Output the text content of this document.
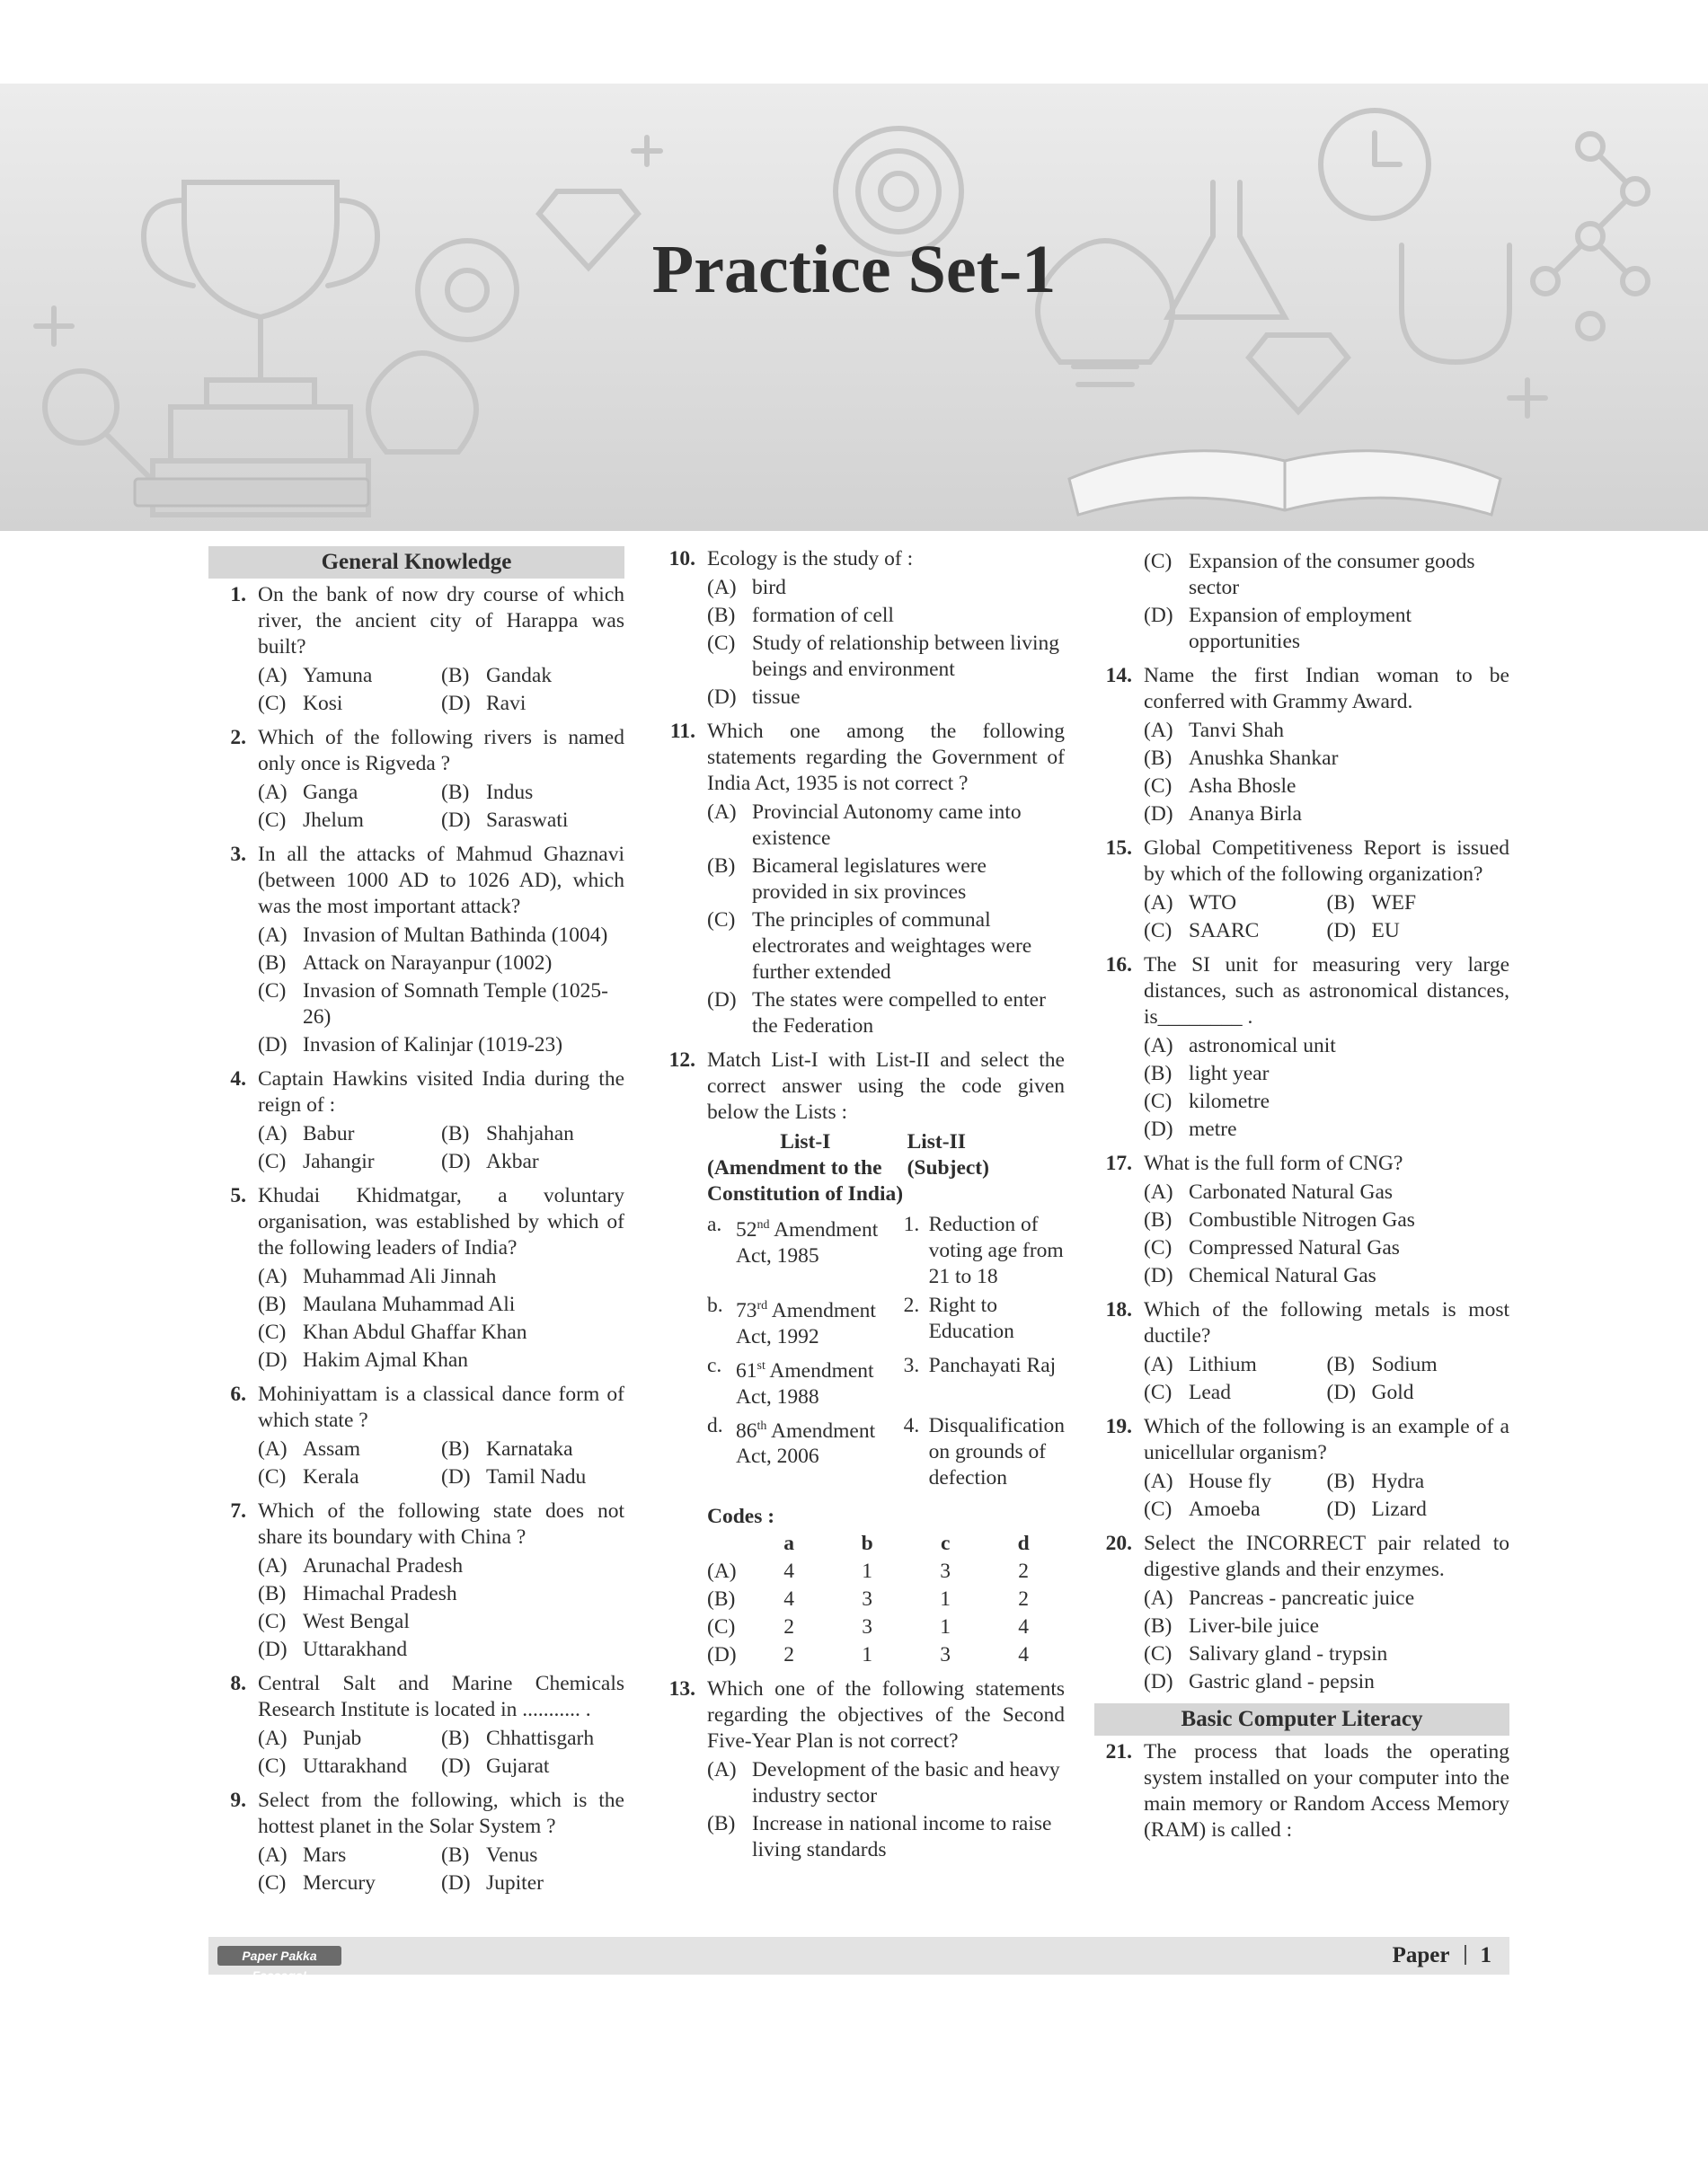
Practice Set-1
General Knowledge
1. On the bank of now dry course of which river, the ancient city of Harappa was built?
(A) Yamuna	(B) Gandak
(C) Kosi	(D) Ravi
2. Which of the following rivers is named only once is Rigveda ?
(A) Ganga	(B) Indus
(C) Jhelum	(D) Saraswati
3. In all the attacks of Mahmud Ghaznavi (between 1000 AD to 1026 AD), which was the most important attack?
(A) Invasion of Multan Bathinda (1004)
(B) Attack on Narayanpur (1002)
(C) Invasion of Somnath Temple (1025-26)
(D) Invasion of Kalinjar (1019-23)
4. Captain Hawkins visited India during the reign of :
(A) Babur	(B) Shahjahan
(C) Jahangir	(D) Akbar
5. Khudai Khidmatgar, a voluntary organisation, was established by which of the following leaders of India?
(A) Muhammad Ali Jinnah
(B) Maulana Muhammad Ali
(C) Khan Abdul Ghaffar Khan
(D) Hakim Ajmal Khan
6. Mohiniyattam is a classical dance form of which state ?
(A) Assam	(B) Karnataka
(C) Kerala	(D) Tamil Nadu
7. Which of the following state does not share its boundary with China ?
(A) Arunachal Pradesh
(B) Himachal Pradesh
(C) West Bengal
(D) Uttarakhand
8. Central Salt and Marine Chemicals Research Institute is located in ........... .
(A) Punjab	(B) Chhattisgarh
(C) Uttarakhand	(D) Gujarat
9. Select from the following, which is the hottest planet in the Solar System ?
(A) Mars	(B) Venus
(C) Mercury	(D) Jupiter
10. Ecology is the study of :
(A) bird
(B) formation of cell
(C) Study of relationship between living beings and environment
(D) tissue
11. Which one among the following statements regarding the Government of India Act, 1935 is not correct ?
(A) Provincial Autonomy came into existence
(B) Bicameral legislatures were provided in six provinces
(C) The principles of communal electrorates and weightages were further extended
(D) The states were compelled to enter the Federation
12. Match List-I with List-II and select the correct answer using the code given below the Lists :
List-I	List-II
(Amendment to the Constitution of India)	(Subject)

a. 52nd Amendment Act, 1985	1. Reduction of voting age from 21 to 18

b. 73rd Amendment Act, 1992	2. Right to Education

c. 61st Amendment Act, 1988	3. Panchayati Raj

d. 86th Amendment Act, 2006	4. Disqualification on grounds of defection
Codes :
	a	b	c	d
(A)	4	1	3	2
(B)	4	3	1	2
(C)	2	3	1	4
(D)	2	1	3	4
13. Which one of the following statements regarding the objectives of the Second Five-Year Plan is not correct?
(A) Development of the basic and heavy industry sector
(B) Increase in national income to raise living standards
(C) Expansion of the consumer goods sector
(D) Expansion of employment opportunities
14. Name the first Indian woman to be conferred with Grammy Award.
(A) Tanvi Shah
(B) Anushka Shankar
(C) Asha Bhosle
(D) Ananya Birla
15. Global Competitiveness Report is issued by which of the following organization?
(A) WTO	(B) WEF
(C) SAARC	(D) EU
16. The SI unit for measuring very large distances, such as astronomical distances, is________ .
(A) astronomical unit
(B) light year
(C) kilometre
(D) metre
17. What is the full form of CNG?
(A) Carbonated Natural Gas
(B) Combustible Nitrogen Gas
(C) Compressed Natural Gas
(D) Chemical Natural Gas
18. Which of the following metals is most ductile?
(A) Lithium	(B) Sodium
(C) Lead	(D) Gold
19. Which of the following is an example of a unicellular organism?
(A) House fly	(B) Hydra
(C) Amoeba	(D) Lizard
20. Select the INCORRECT pair related to digestive glands and their enzymes.
(A) Pancreas - pancreatic juice
(B) Liver-bile juice
(C) Salivary gland - trypsin
(D) Gastric gland - pepsin
Basic Computer Literacy
21. The process that loads the operating system installed on your computer into the main memory or Random Access Memory (RAM) is called :
Paper Pakka Faasega!
Paper 1
